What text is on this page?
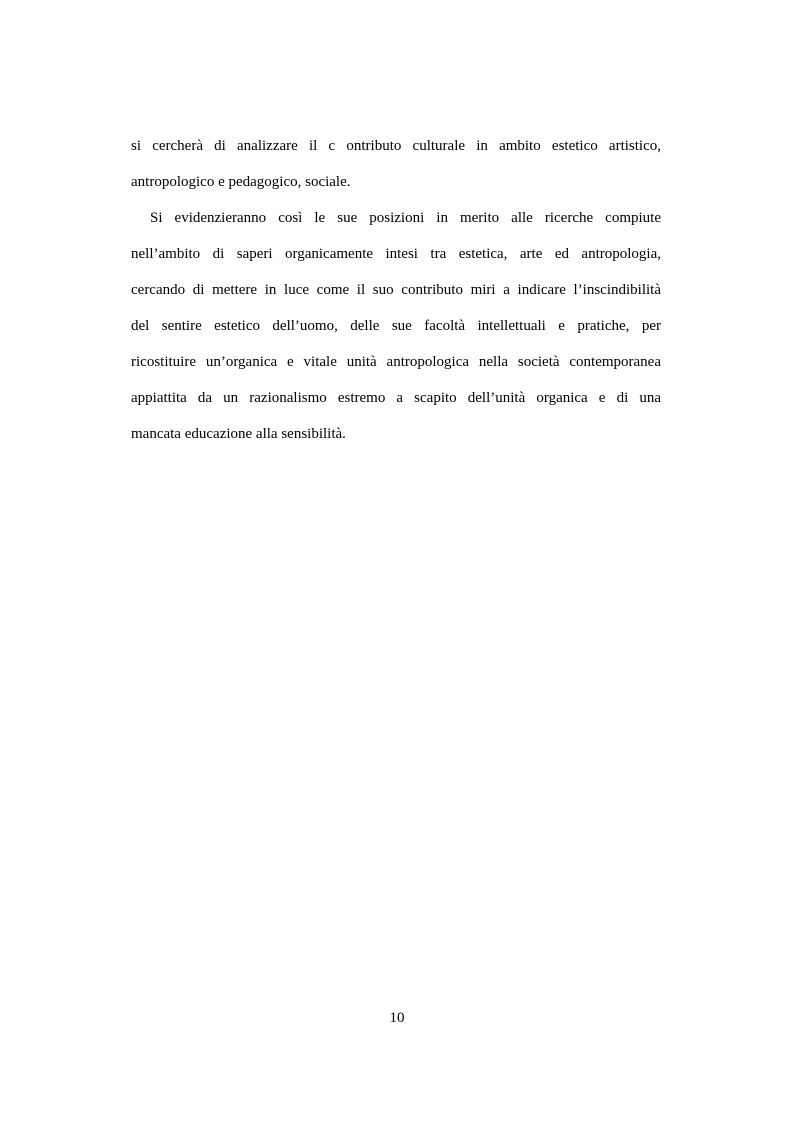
si cercherà di analizzare il c ontributo culturale in ambito estetico artistico,
antropologico e pedagogico, sociale.
Si evidenzieranno così le sue posizioni in merito alle ricerche compiute
nell’ambito di saperi organicamente intesi tra estetica, arte ed antropologia,
cercando di mettere in luce come il suo contributo miri a indicare l’inscindibilità
del sentire estetico dell’uomo, delle sue facoltà intellettuali e pratiche, per
ricostituire un’organica e vitale unità antropologica nella società contemporanea
appiattita da un razionalismo estremo a scapito dell’unità organica e di una
mancata educazione alla sensibilità.
10
